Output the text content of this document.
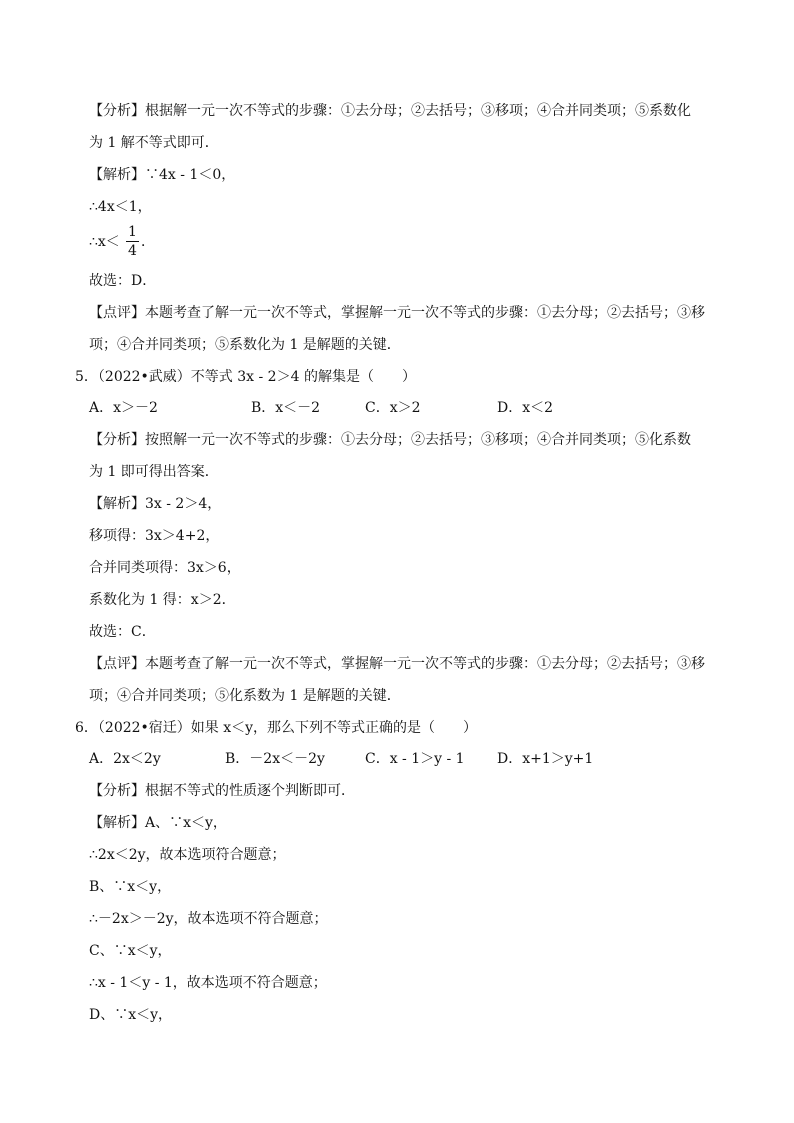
【分析】根据解一元一次不等式的步骤：①去分母；②去括号；③移项；④合并同类项；⑤系数化
为 1 解不等式即可．
【解析】∵4x - 1＜0，
∴4x＜1，
∴x＜
1
4
．
故选：D．
【点评】本题考查了解一元一次不等式，掌握解一元一次不等式的步骤：①去分母；②去括号；③移
项；④合并同类项；⑤系数化为 1 是解题的关键．
5．（2022•武威）不等式 3x - 2＞4 的解集是（　　）
A．x＞－2	B．x＜－2	C．x＞2	D．x＜2
【分析】按照解一元一次不等式的步骤：①去分母；②去括号；③移项；④合并同类项；⑤化系数
为 1 即可得出答案．
【解析】3x - 2＞4，
移项得：3x＞4+2，
合并同类项得：3x＞6，
系数化为 1 得：x＞2．
故选：C．
【点评】本题考查了解一元一次不等式，掌握解一元一次不等式的步骤：①去分母；②去括号；③移
项；④合并同类项；⑤化系数为 1 是解题的关键．
6．（2022•宿迁）如果 x＜y，那么下列不等式正确的是（　　）
A．2x＜2y	B．－2x＜－2y	C．x - 1＞y - 1 D．x+1＞y+1
【分析】根据不等式的性质逐个判断即可．
【解析】A、∵x＜y，
∴2x＜2y，故本选项符合题意；
B、∵x＜y，
∴－2x＞－2y，故本选项不符合题意；
C、∵x＜y，
∴x - 1＜y - 1，故本选项不符合题意；
D、∵x＜y，
